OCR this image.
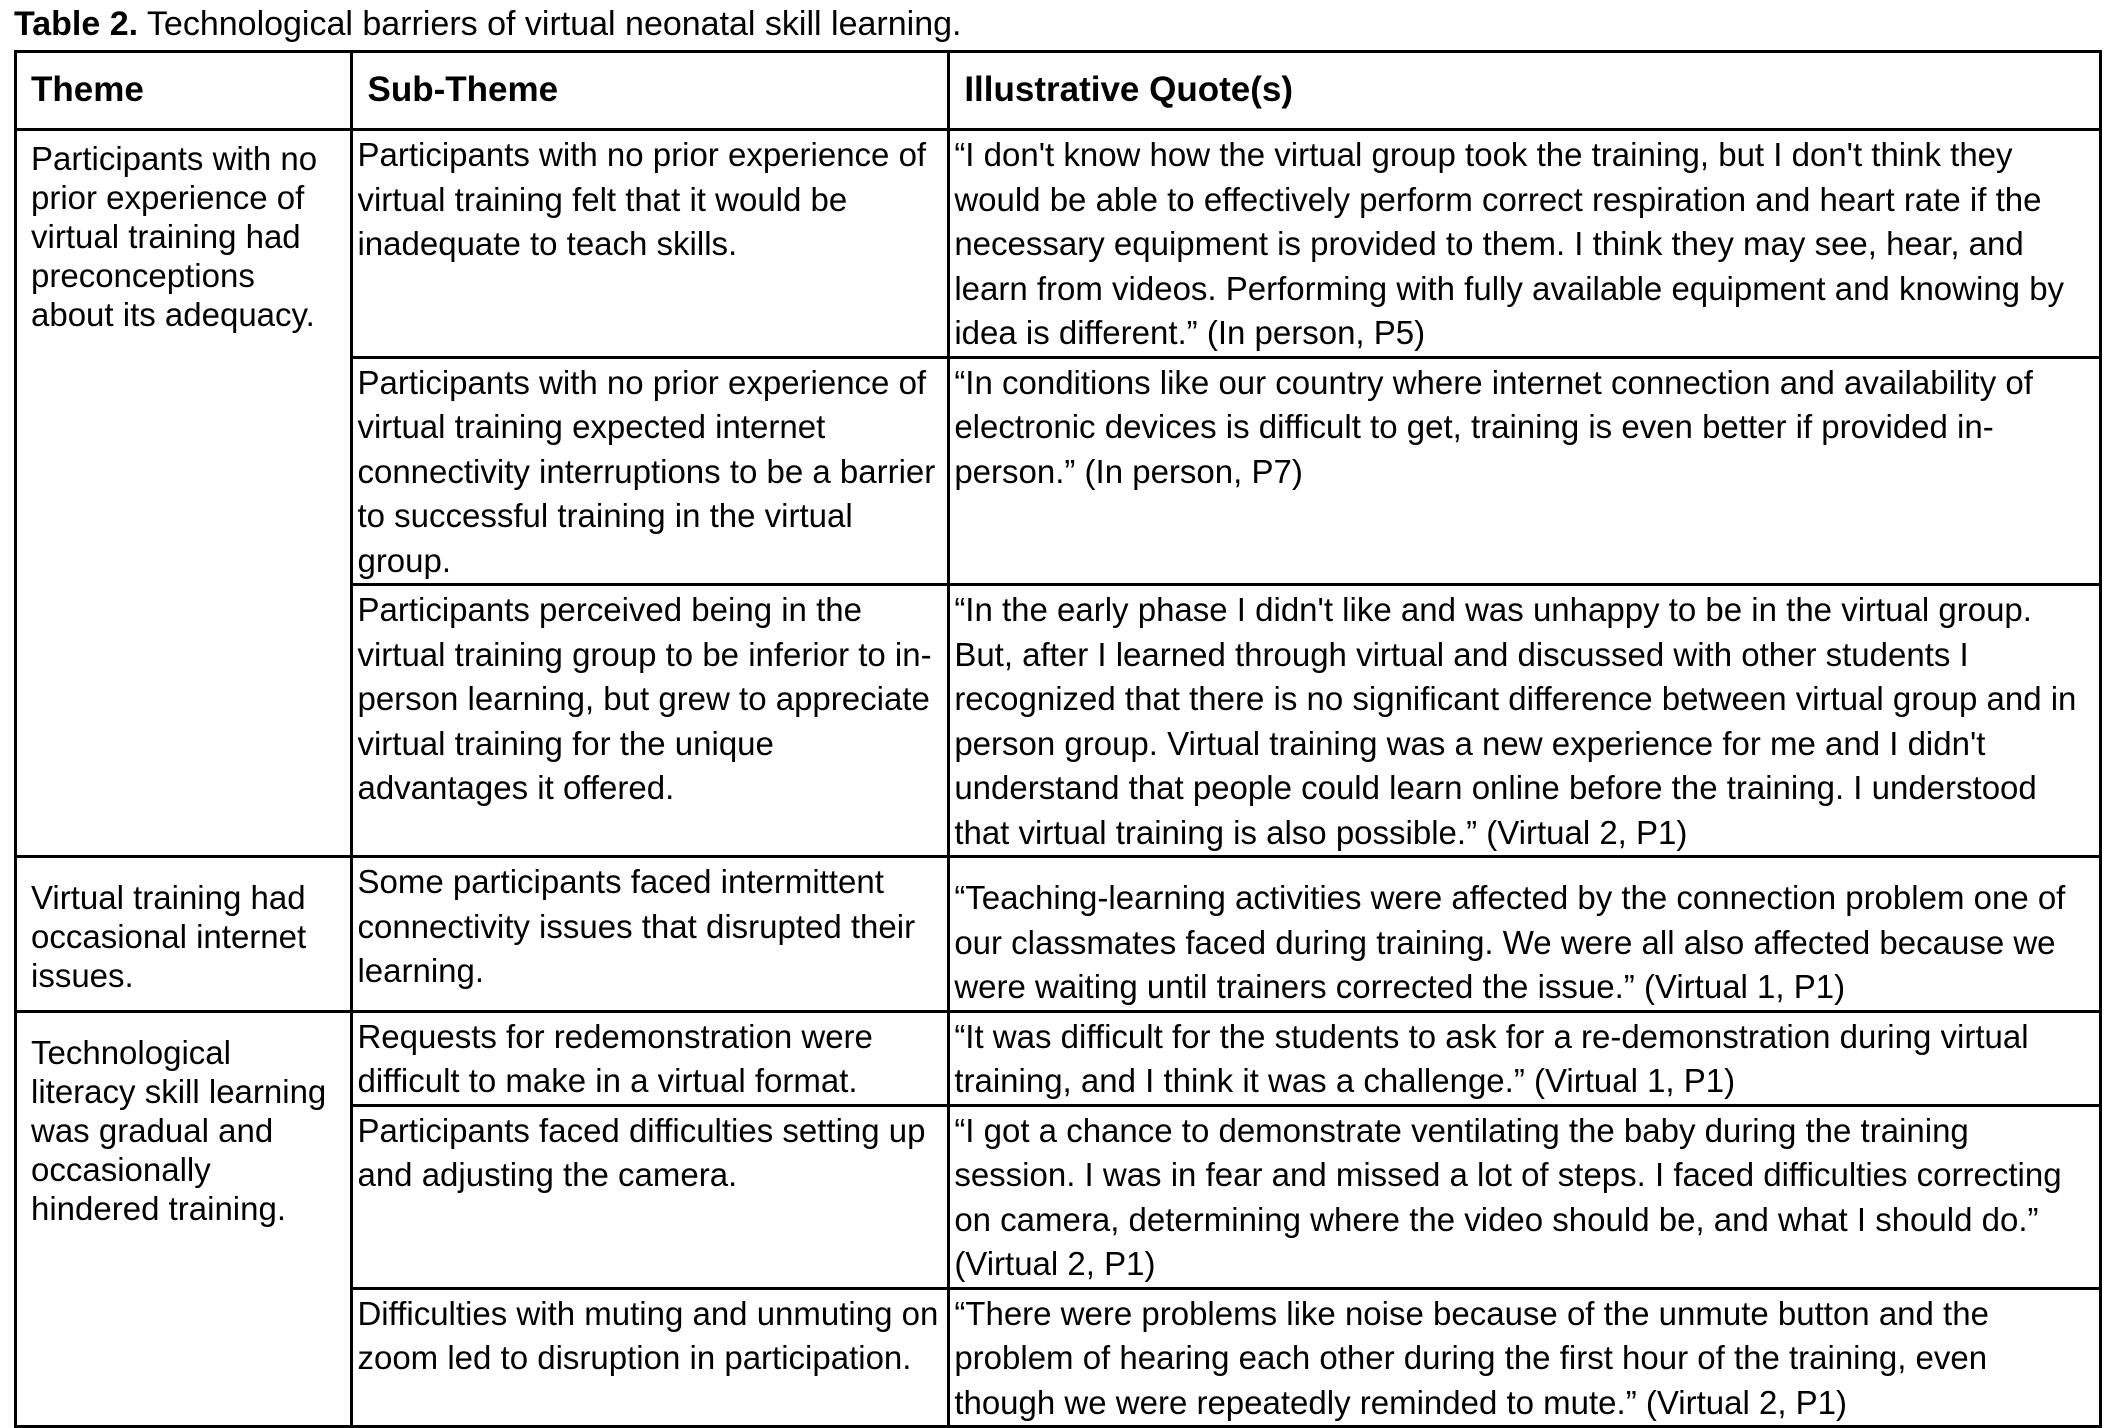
Table 2. Technological barriers of virtual neonatal skill learning.
Theme	Sub-Theme	Illustrative Quote(s)
Participants with no prior experience of virtual training had preconceptions about its adequacy.	Participants with no prior experience of virtual training felt that it would be inadequate to teach skills.	“I don't know how the virtual group took the training, but I don't think they would be able to effectively perform correct respiration and heart rate if the necessary equipment is provided to them. I think they may see, hear, and learn from videos. Performing with fully available equipment and knowing by idea is different.” (In person, P5)
	Participants with no prior experience of virtual training expected internet connectivity interruptions to be a barrier to successful training in the virtual group.	“In conditions like our country where internet connection and availability of electronic devices is difficult to get, training is even better if provided in-person.” (In person, P7)
	Participants perceived being in the virtual training group to be inferior to in-person learning, but grew to appreciate virtual training for the unique advantages it offered.	“In the early phase I didn't like and was unhappy to be in the virtual group. But, after I learned through virtual and discussed with other students I recognized that there is no significant difference between virtual group and in person group. Virtual training was a new experience for me and I didn't understand that people could learn online before the training. I understood that virtual training is also possible.” (Virtual 2, P1)
Virtual training had occasional internet issues.	Some participants faced intermittent connectivity issues that disrupted their learning.	“Teaching-learning activities were affected by the connection problem one of our classmates faced during training. We were all also affected because we were waiting until trainers corrected the issue.” (Virtual 1, P1)
Technological literacy skill learning was gradual and occasionally hindered training.	Requests for redemonstration were difficult to make in a virtual format.	“It was difficult for the students to ask for a re-demonstration during virtual training, and I think it was a challenge.” (Virtual 1, P1)
	Participants faced difficulties setting up and adjusting the camera.	“I got a chance to demonstrate ventilating the baby during the training session. I was in fear and missed a lot of steps. I faced difficulties correcting on camera, determining where the video should be, and what I should do.” (Virtual 2, P1)
	Difficulties with muting and unmuting on zoom led to disruption in participation.	“There were problems like noise because of the unmute button and the problem of hearing each other during the first hour of the training, even though we were repeatedly reminded to mute.” (Virtual 2, P1)
